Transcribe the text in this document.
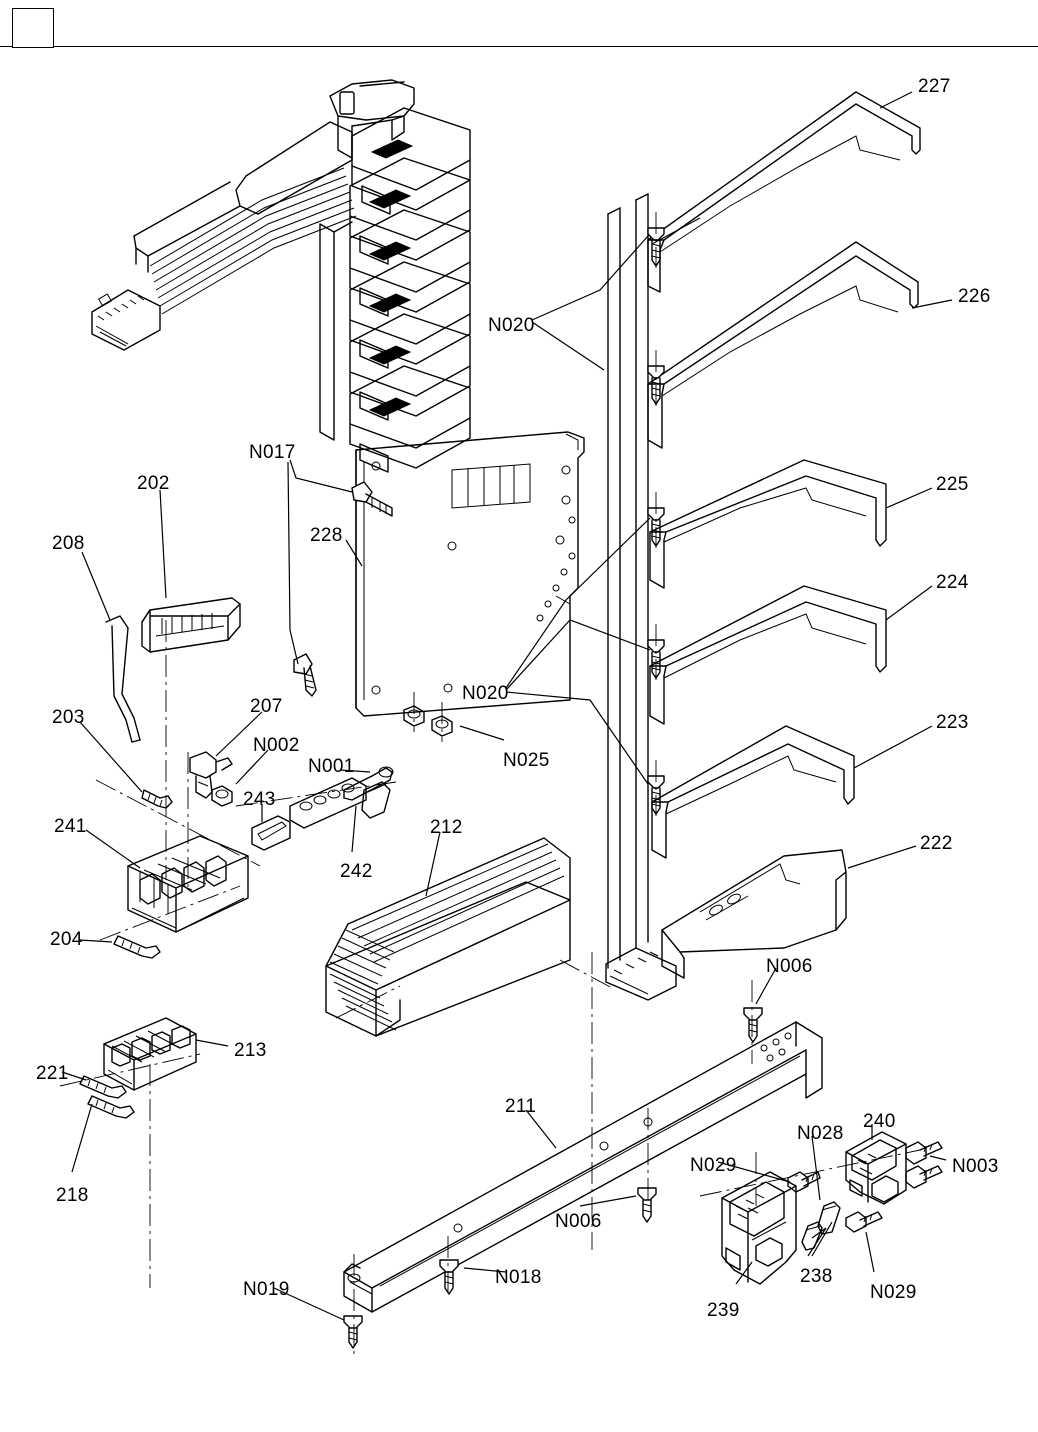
227
226
225
224
223
222
N020
N020
N017
228
202
208
203
207
N002
N001
243
242
241
204
N025
212
213
221
218
211
N006
N006
N028
240
N003
N029
N029
238
239
N018
N019
